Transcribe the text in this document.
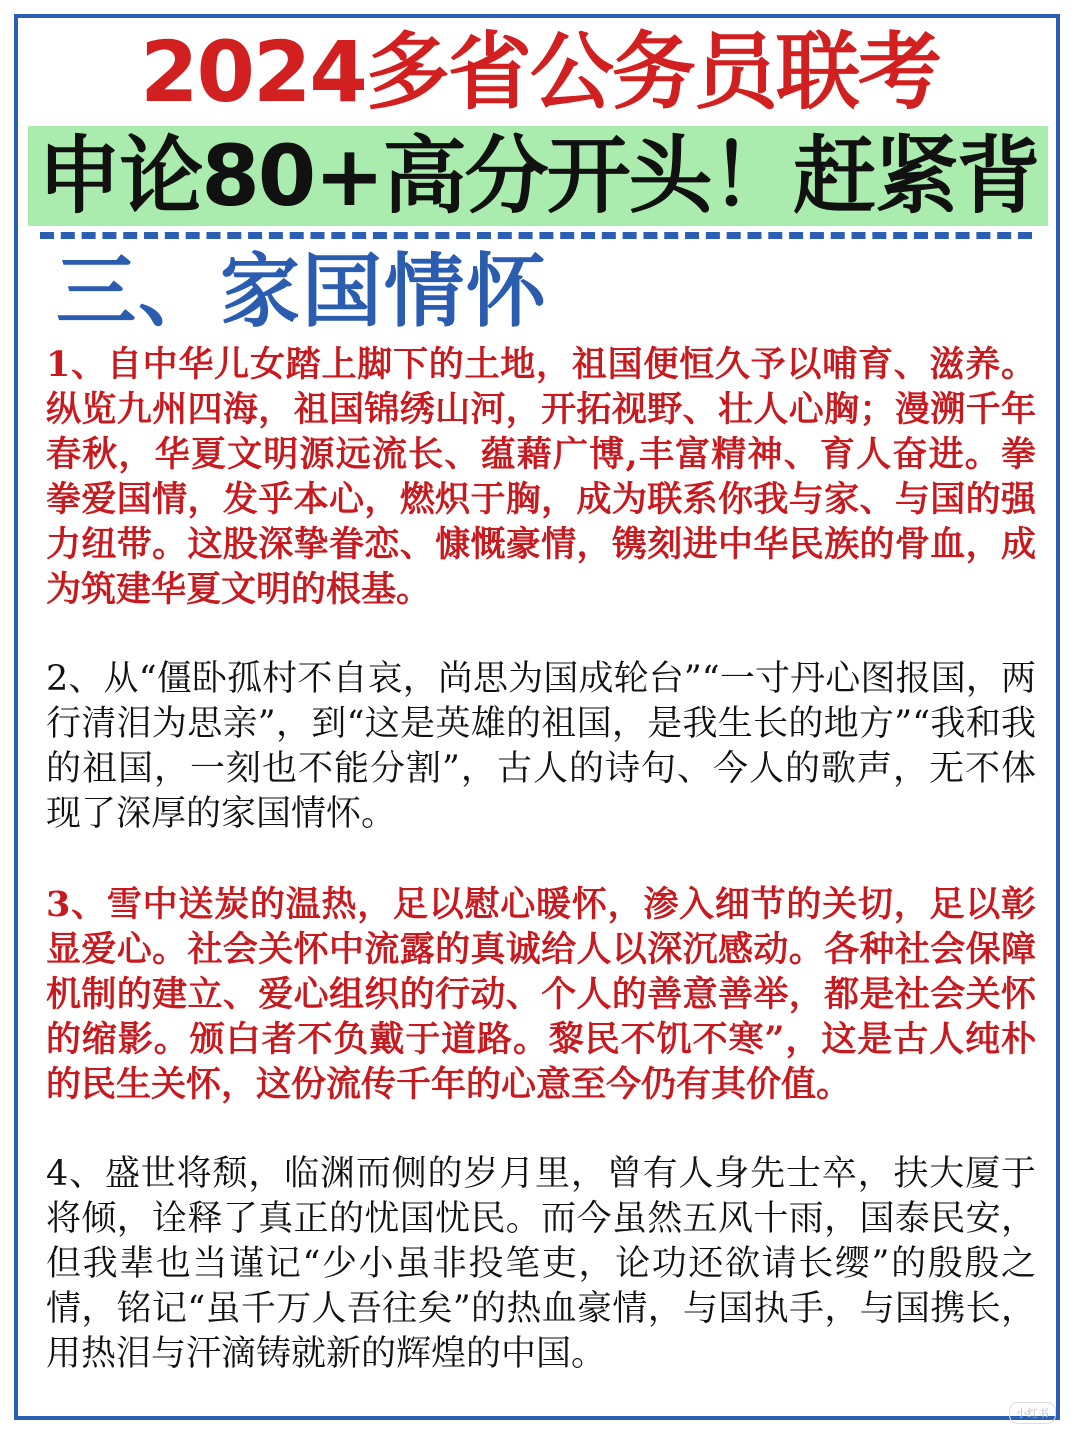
2024多省公务员联考
申论80+高分开头！赶紧背
三、家国情怀

1、自中华儿女踏上脚下的土地，祖国便恒久予以哺育、滋养。纵览九州四海，祖国锦绣山河，开拓视野、壮人心胸；漫溯千年春秋，华夏文明源远流长、蕴藉广博,丰富精神、育人奋进。拳拳爱国情，发乎本心，燃炽于胸，成为联系你我与家、与国的强力纽带。这股深挚眷恋、慷慨豪情，镌刻进中华民族的骨血，成为筑建华夏文明的根基。

2、从“僵卧孤村不自哀，尚思为国成轮台”“一寸丹心图报国，两行清泪为思亲”，到“这是英雄的祖国，是我生长的地方”“我和我的祖国，一刻也不能分割”，古人的诗句、今人的歌声，无不体现了深厚的家国情怀。

3、雪中送炭的温热，足以慰心暖怀，渗入细节的关切，足以彰显爱心。社会关怀中流露的真诚给人以深沉感动。各种社会保障机制的建立、爱心组织的行动、个人的善意善举，都是社会关怀的缩影。颁白者不负戴于道路。黎民不饥不寒”，这是古人纯朴的民生关怀，这份流传千年的心意至今仍有其价值。

4、盛世将颓，临渊而侧的岁月里，曾有人身先士卒，扶大厦于将倾，诠释了真正的忧国忧民。而今虽然五风十雨，国泰民安，但我辈也当谨记“少小虽非投笔吏，论功还欲请长缨”的殷殷之情，铭记“虽千万人吾往矣”的热血豪情，与国执手，与国携长，用热泪与汗滴铸就新的辉煌的中国。

小红书
